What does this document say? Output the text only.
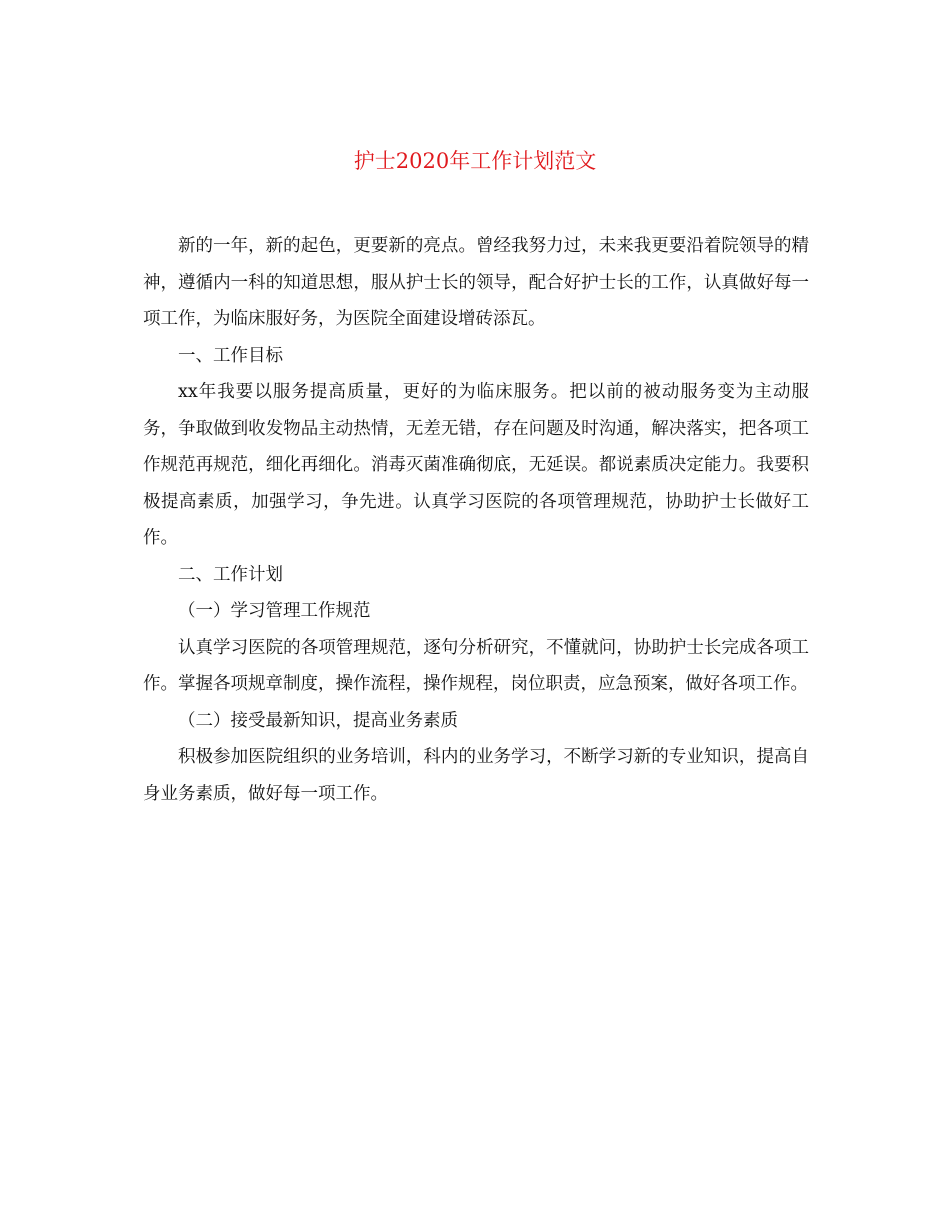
护士2020年工作计划范文

新的一年，新的起色，更要新的亮点。曾经我努力过，未来我更要沿着院领导的精神，遵循内一科的知道思想，服从护士长的领导，配合好护士长的工作，认真做好每一项工作，为临床服好务，为医院全面建设增砖添瓦。

一、工作目标

xx年我要以服务提高质量，更好的为临床服务。把以前的被动服务变为主动服务，争取做到收发物品主动热情，无差无错，存在问题及时沟通，解决落实，把各项工作规范再规范，细化再细化。消毒灭菌准确彻底，无延误。都说素质决定能力。我要积极提高素质，加强学习，争先进。认真学习医院的各项管理规范，协助护士长做好工作。

二、工作计划

（一）学习管理工作规范

认真学习医院的各项管理规范，逐句分析研究，不懂就问，协助护士长完成各项工作。掌握各项规章制度，操作流程，操作规程，岗位职责，应急预案，做好各项工作。

（二）接受最新知识，提高业务素质

积极参加医院组织的业务培训，科内的业务学习，不断学习新的专业知识，提高自身业务素质，做好每一项工作。
